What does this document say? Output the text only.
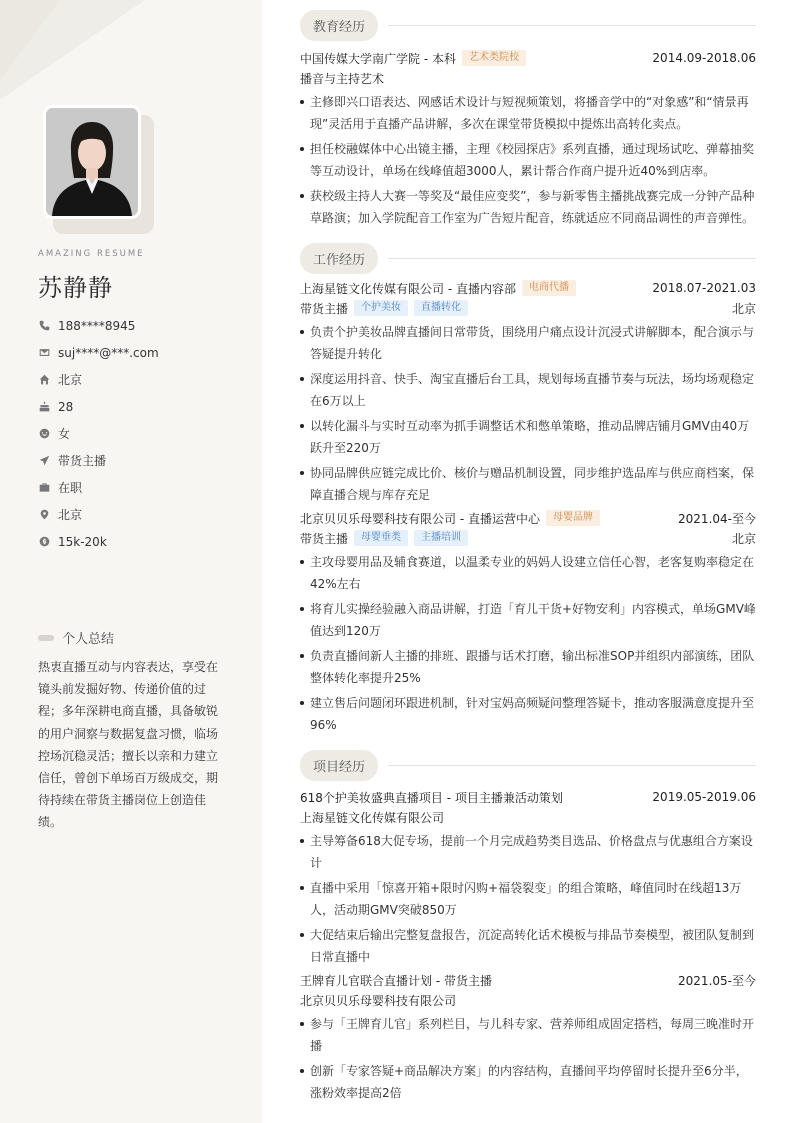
AMAZING RESUME
苏静静
188****8945
suj****@***.com
北京
28
女
带货主播
在职
北京
15k-20k
个人总结
热衷直播互动与内容表达，享受在镜头前发掘好物、传递价值的过程；多年深耕电商直播，具备敏锐的用户洞察与数据复盘习惯，临场控场沉稳灵活；擅长以亲和力建立信任，曾创下单场百万级成交，期待持续在带货主播岗位上创造佳绩。
教育经历
中国传媒大学南广学院 - 本科	艺术类院校	2014.09-2018.06
播音与主持艺术
主修即兴口语表达、网感话术设计与短视频策划，将播音学中的“对象感”和“情景再现”灵活用于直播产品讲解，多次在课堂带货模拟中提炼出高转化卖点。
担任校融媒体中心出镜主播，主理《校园探店》系列直播，通过现场试吃、弹幕抽奖等互动设计，单场在线峰值超3000人，累计帮合作商户提升近40%到店率。
获校级主持人大赛一等奖及“最佳应变奖”，参与新零售主播挑战赛完成一分钟产品种草路演；加入学院配音工作室为广告短片配音，练就适应不同商品调性的声音弹性。
工作经历
上海星链文化传媒有限公司 - 直播内容部	电商代播	2018.07-2021.03
带货主播	个护美妆	直播转化	北京
负责个护美妆品牌直播间日常带货，围绕用户痛点设计沉浸式讲解脚本，配合演示与答疑提升转化
深度运用抖音、快手、淘宝直播后台工具，规划每场直播节奏与玩法，场均场观稳定在6万以上
以转化漏斗与实时互动率为抓手调整话术和憋单策略，推动品牌店铺月GMV由40万跃升至220万
协同品牌供应链完成比价、核价与赠品机制设置，同步维护选品库与供应商档案，保障直播合规与库存充足
北京贝贝乐母婴科技有限公司 - 直播运营中心	母婴品牌	2021.04-至今
带货主播	母婴垂类	主播培训	北京
主攻母婴用品及辅食赛道，以温柔专业的妈妈人设建立信任心智，老客复购率稳定在42%左右
将育儿实操经验融入商品讲解，打造「育儿干货+好物安利」内容模式，单场GMV峰值达到120万
负责直播间新人主播的排班、跟播与话术打磨，输出标准SOP并组织内部演练，团队整体转化率提升25%
建立售后问题闭环跟进机制，针对宝妈高频疑问整理答疑卡，推动客服满意度提升至96%
项目经历
618个护美妆盛典直播项目 - 项目主播兼活动策划	2019.05-2019.06
上海星链文化传媒有限公司
主导筹备618大促专场，提前一个月完成趋势类目选品、价格盘点与优惠组合方案设计
直播中采用「惊喜开箱+限时闪购+福袋裂变」的组合策略，峰值同时在线超13万人，活动期GMV突破850万
大促结束后输出完整复盘报告，沉淀高转化话术模板与排品节奏模型，被团队复制到日常直播中
王牌育儿官联合直播计划 - 带货主播	2021.05-至今
北京贝贝乐母婴科技有限公司
参与「王牌育儿官」系列栏目，与儿科专家、营养师组成固定搭档，每周三晚准时开播
创新「专家答疑+商品解决方案」的内容结构，直播间平均停留时长提升至6分半，涨粉效率提高2倍
